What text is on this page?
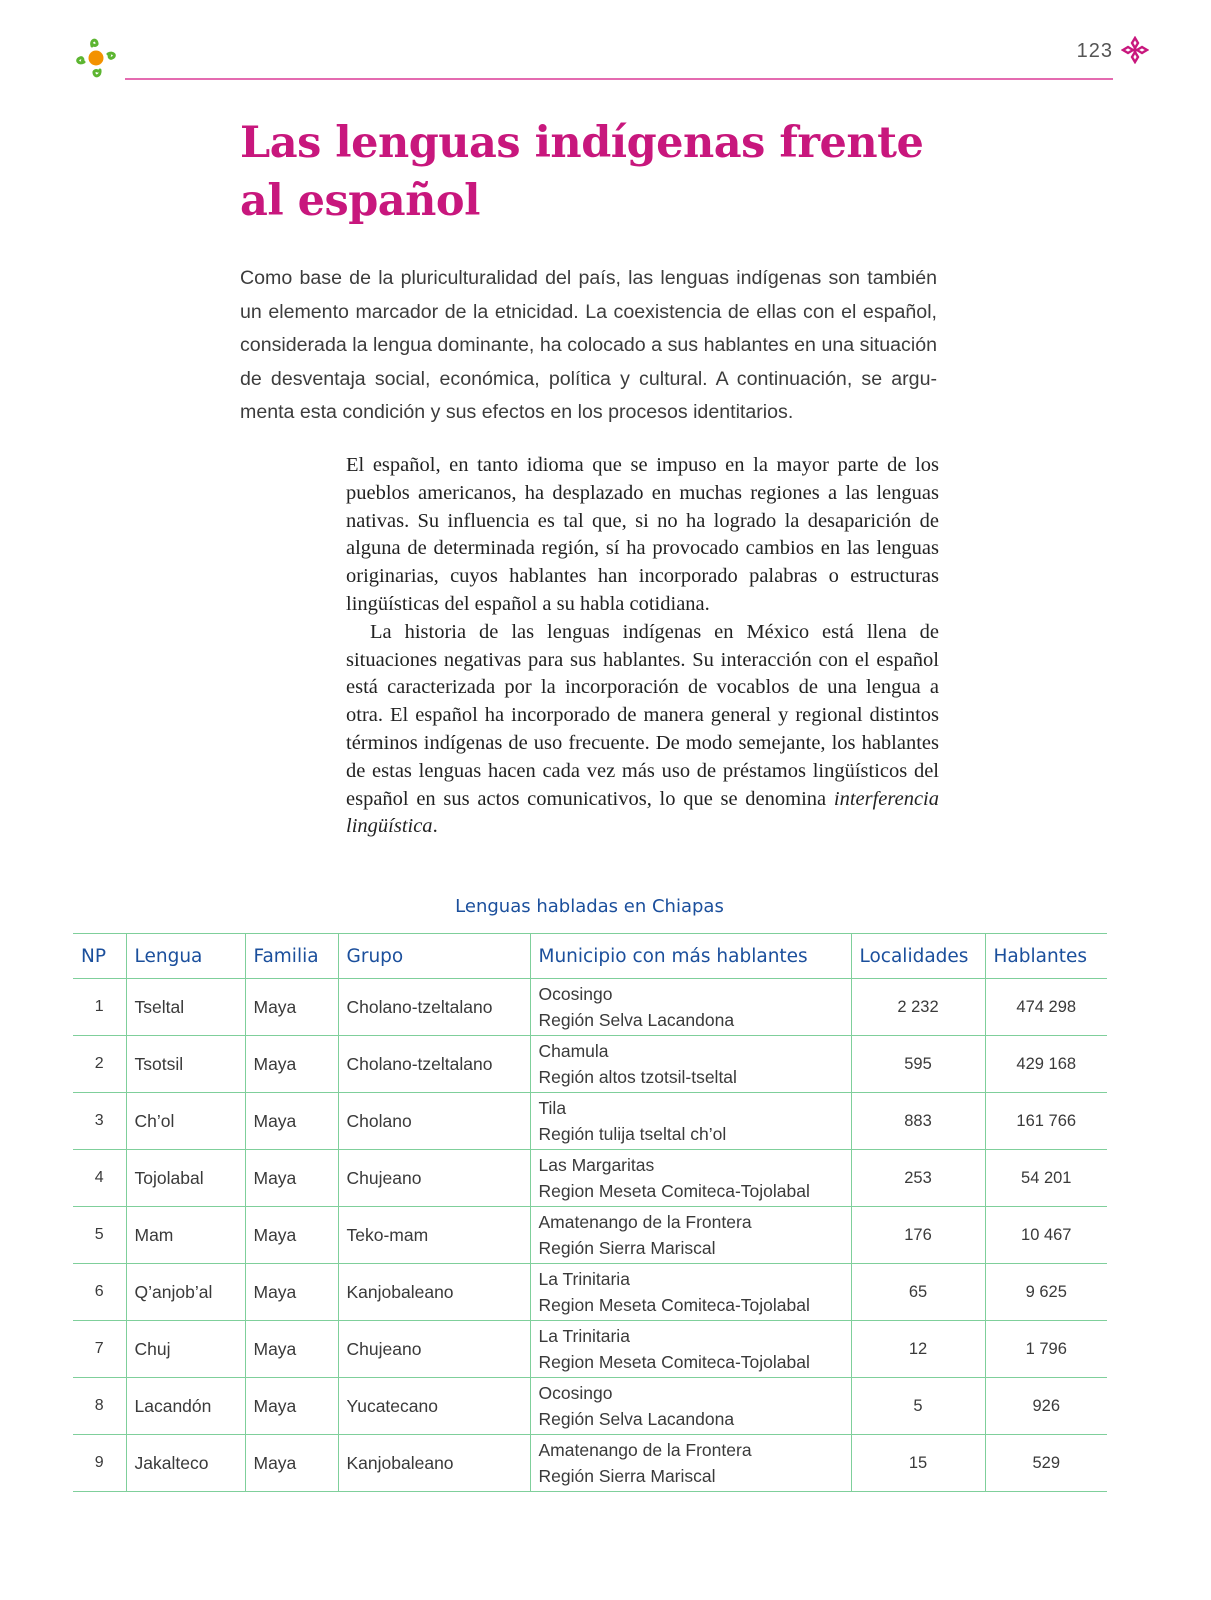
123
Las lenguas indígenas frente
al español

Como base de la pluriculturalidad del país, las lenguas indígenas son también un elemento marcador de la etnicidad. La coexistencia de ellas con el español, considerada la lengua dominante, ha colocado a sus hablantes en una situación de desventaja social, económica, política y cultural. A continuación, se argumenta esta condición y sus efectos en los procesos identitarios.

El español, en tanto idioma que se impuso en la mayor parte de los pueblos americanos, ha desplazado en muchas regiones a las lenguas nativas. Su influencia es tal que, si no ha logrado la desaparición de alguna de determinada región, sí ha provocado cambios en las lenguas originarias, cuyos hablantes han incorporado palabras o estructuras lingüísticas del español a su habla cotidiana.

La historia de las lenguas indígenas en México está llena de situaciones negativas para sus hablantes. Su interacción con el español está caracterizada por la incorporación de vocablos de una lengua a otra. El español ha incorporado de manera general y regional distintos términos indígenas de uso frecuente. De modo semejante, los hablantes de estas lenguas hacen cada vez más uso de préstamos lingüísticos del español en sus actos comunicativos, lo que se denomina interferencia lingüística.

Lenguas habladas en Chiapas
NP	Lengua	Familia	Grupo	Municipio con más hablantes	Localidades	Hablantes
1	Tseltal	Maya	Cholano-tzeltalano	Ocosingo
Región Selva Lacandona	2 232	474 298
2	Tsotsil	Maya	Cholano-tzeltalano	Chamula
Región altos tzotsil-tseltal	595	429 168
3	Ch’ol	Maya	Cholano	Tila
Región tulija tseltal ch’ol	883	161 766
4	Tojolabal	Maya	Chujeano	Las Margaritas
Region Meseta Comiteca-Tojolabal	253	54 201
5	Mam	Maya	Teko-mam	Amatenango de la Frontera
Región Sierra Mariscal	176	10 467
6	Q’anjob’al	Maya	Kanjobaleano	La Trinitaria
Region Meseta Comiteca-Tojolabal	65	9 625
7	Chuj	Maya	Chujeano	La Trinitaria
Region Meseta Comiteca-Tojolabal	12	1 796
8	Lacandón	Maya	Yucatecano	Ocosingo
Región Selva Lacandona	5	926
9	Jakalteco	Maya	Kanjobaleano	Amatenango de la Frontera
Región Sierra Mariscal	15	529
